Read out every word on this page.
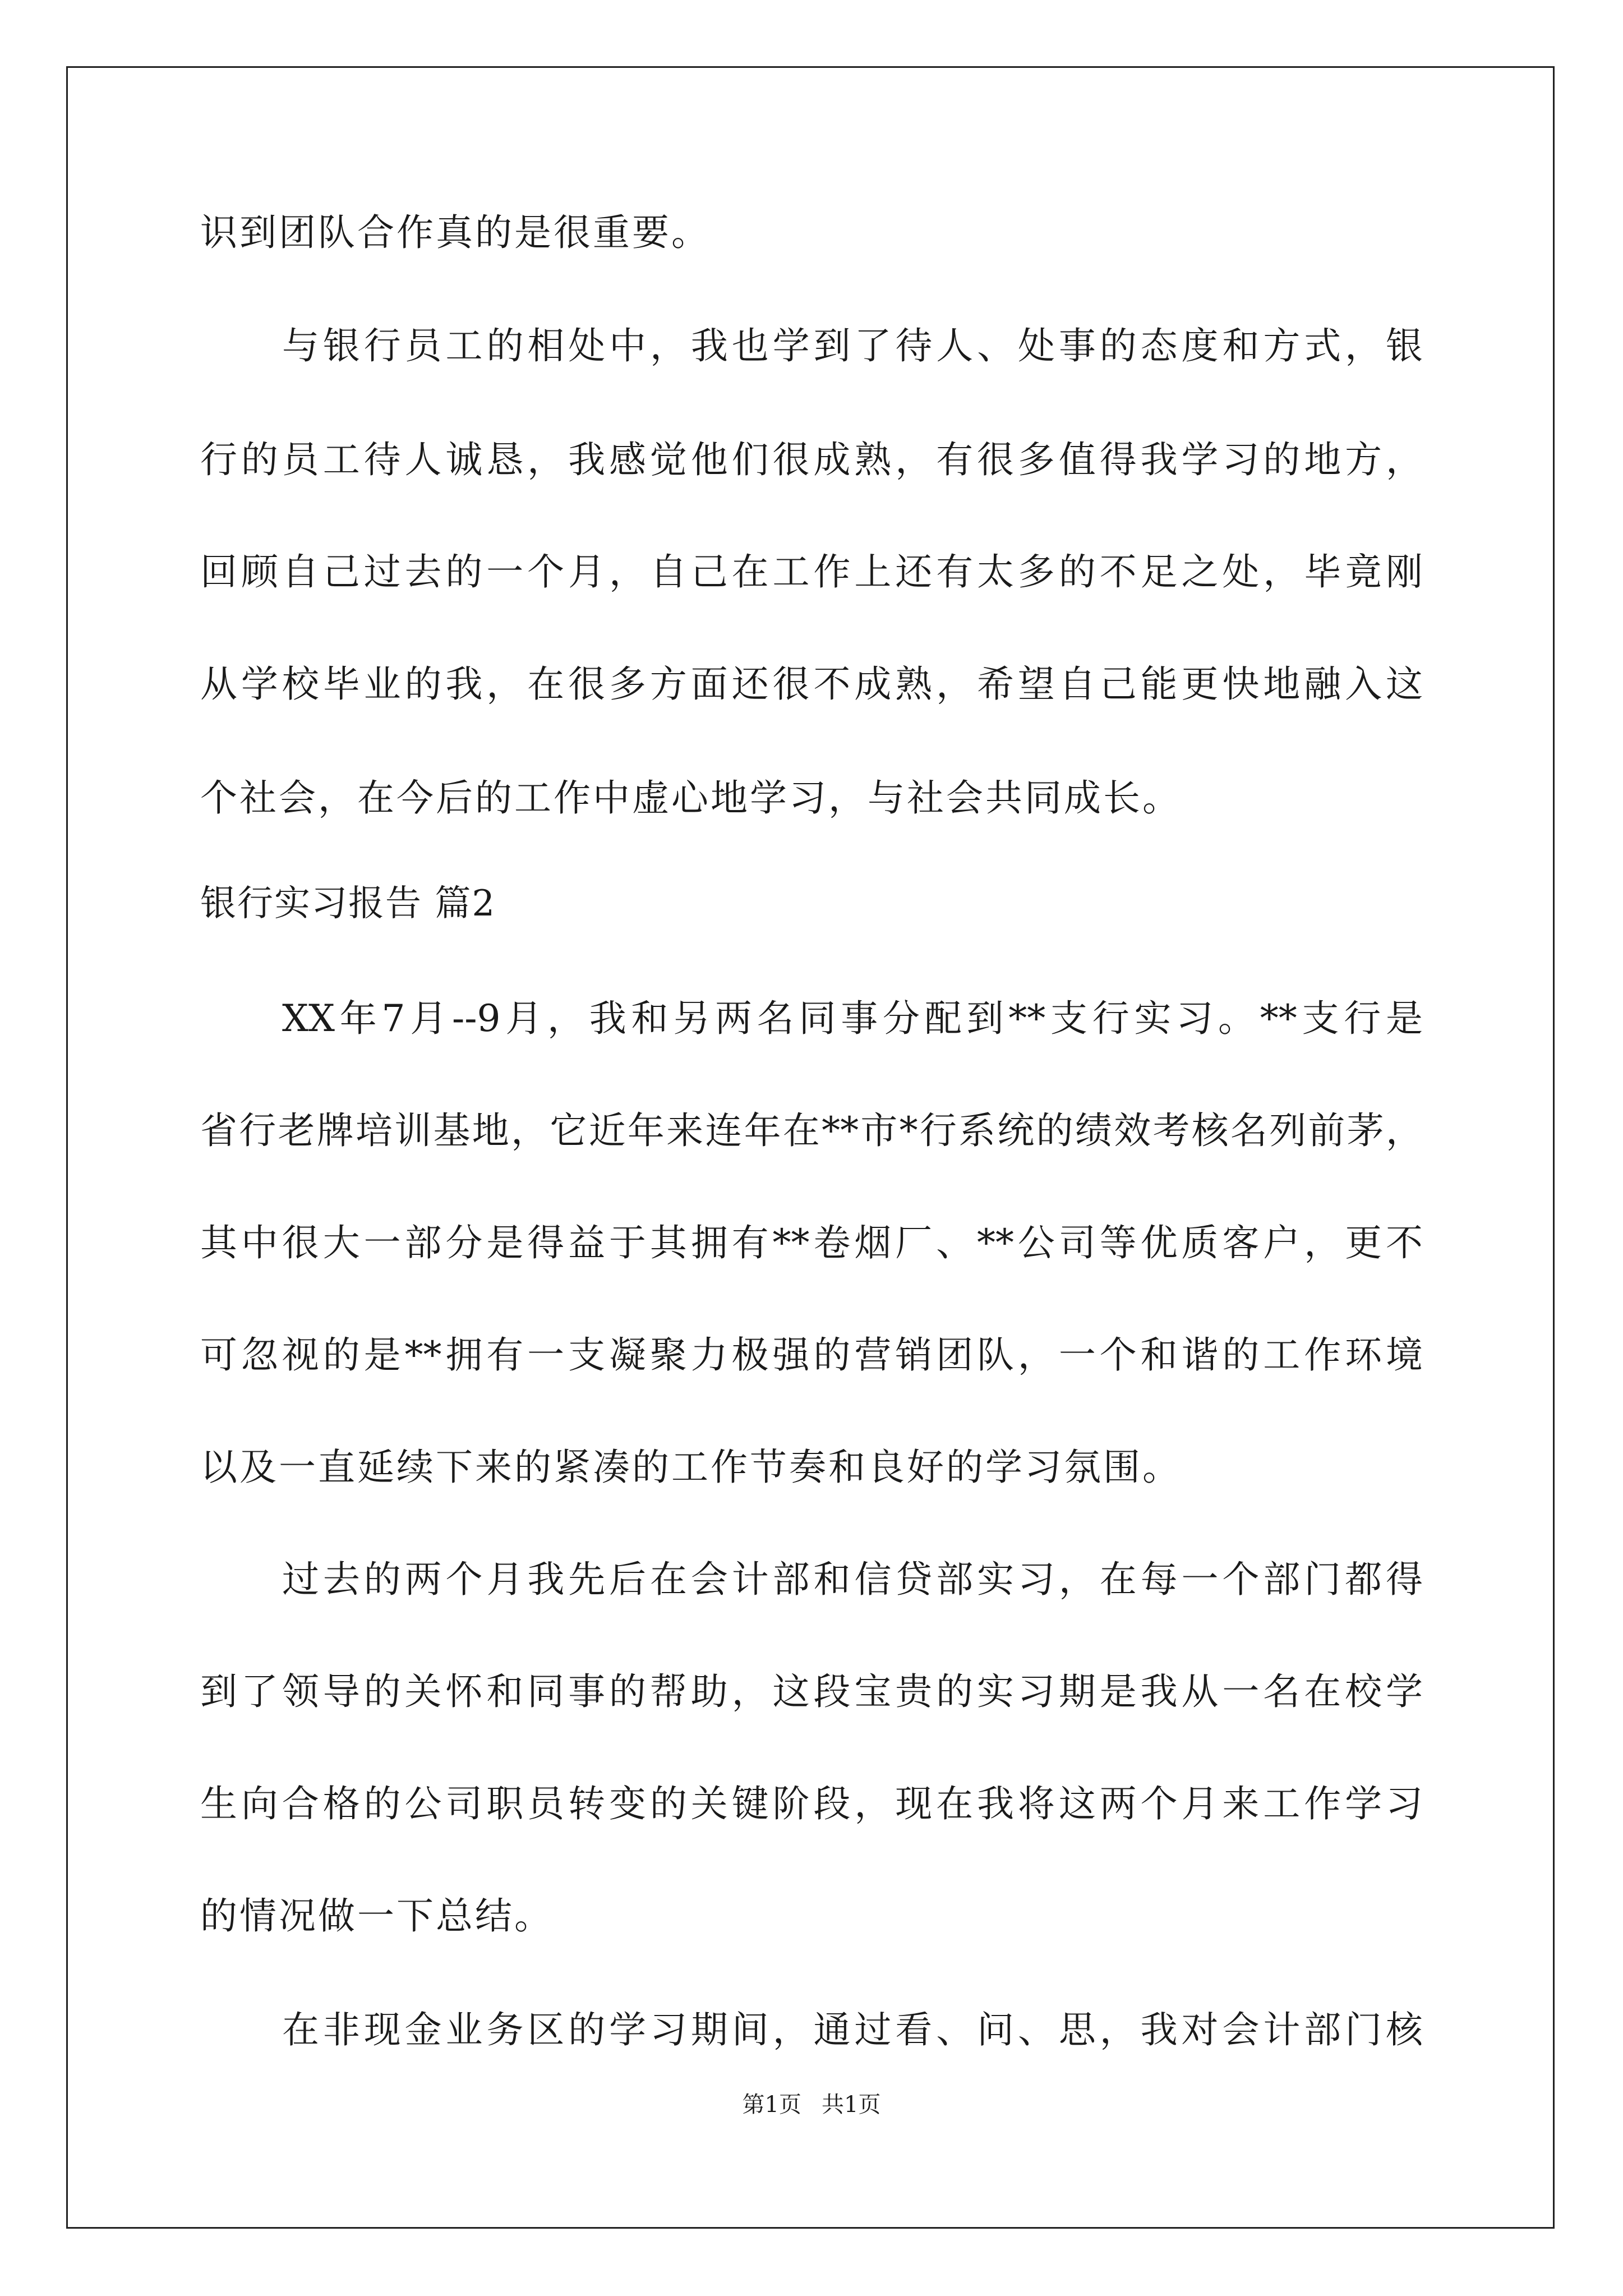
识到团队合作真的是很重要。

与银行员工的相处中，我也学到了待人、处事的态度和方式，银

行的员工待人诚恳，我感觉他们很成熟，有很多值得我学习的地方，

回顾自己过去的一个月，自己在工作上还有太多的不足之处，毕竟刚

从学校毕业的我，在很多方面还很不成熟，希望自己能更快地融入这

个社会，在今后的工作中虚心地学习，与社会共同成长。

银行实习报告 篇2

XX年7月--9月，我和另两名同事分配到**支行实习。**支行是

省行老牌培训基地，它近年来连年在**市*行系统的绩效考核名列前茅，

其中很大一部分是得益于其拥有**卷烟厂、**公司等优质客户，更不

可忽视的是**拥有一支凝聚力极强的营销团队，一个和谐的工作环境

以及一直延续下来的紧凑的工作节奏和良好的学习氛围。

过去的两个月我先后在会计部和信贷部实习，在每一个部门都得

到了领导的关怀和同事的帮助，这段宝贵的实习期是我从一名在校学

生向合格的公司职员转变的关键阶段，现在我将这两个月来工作学习

的情况做一下总结。

在非现金业务区的学习期间，通过看、问、思，我对会计部门核

第1页 共1页
